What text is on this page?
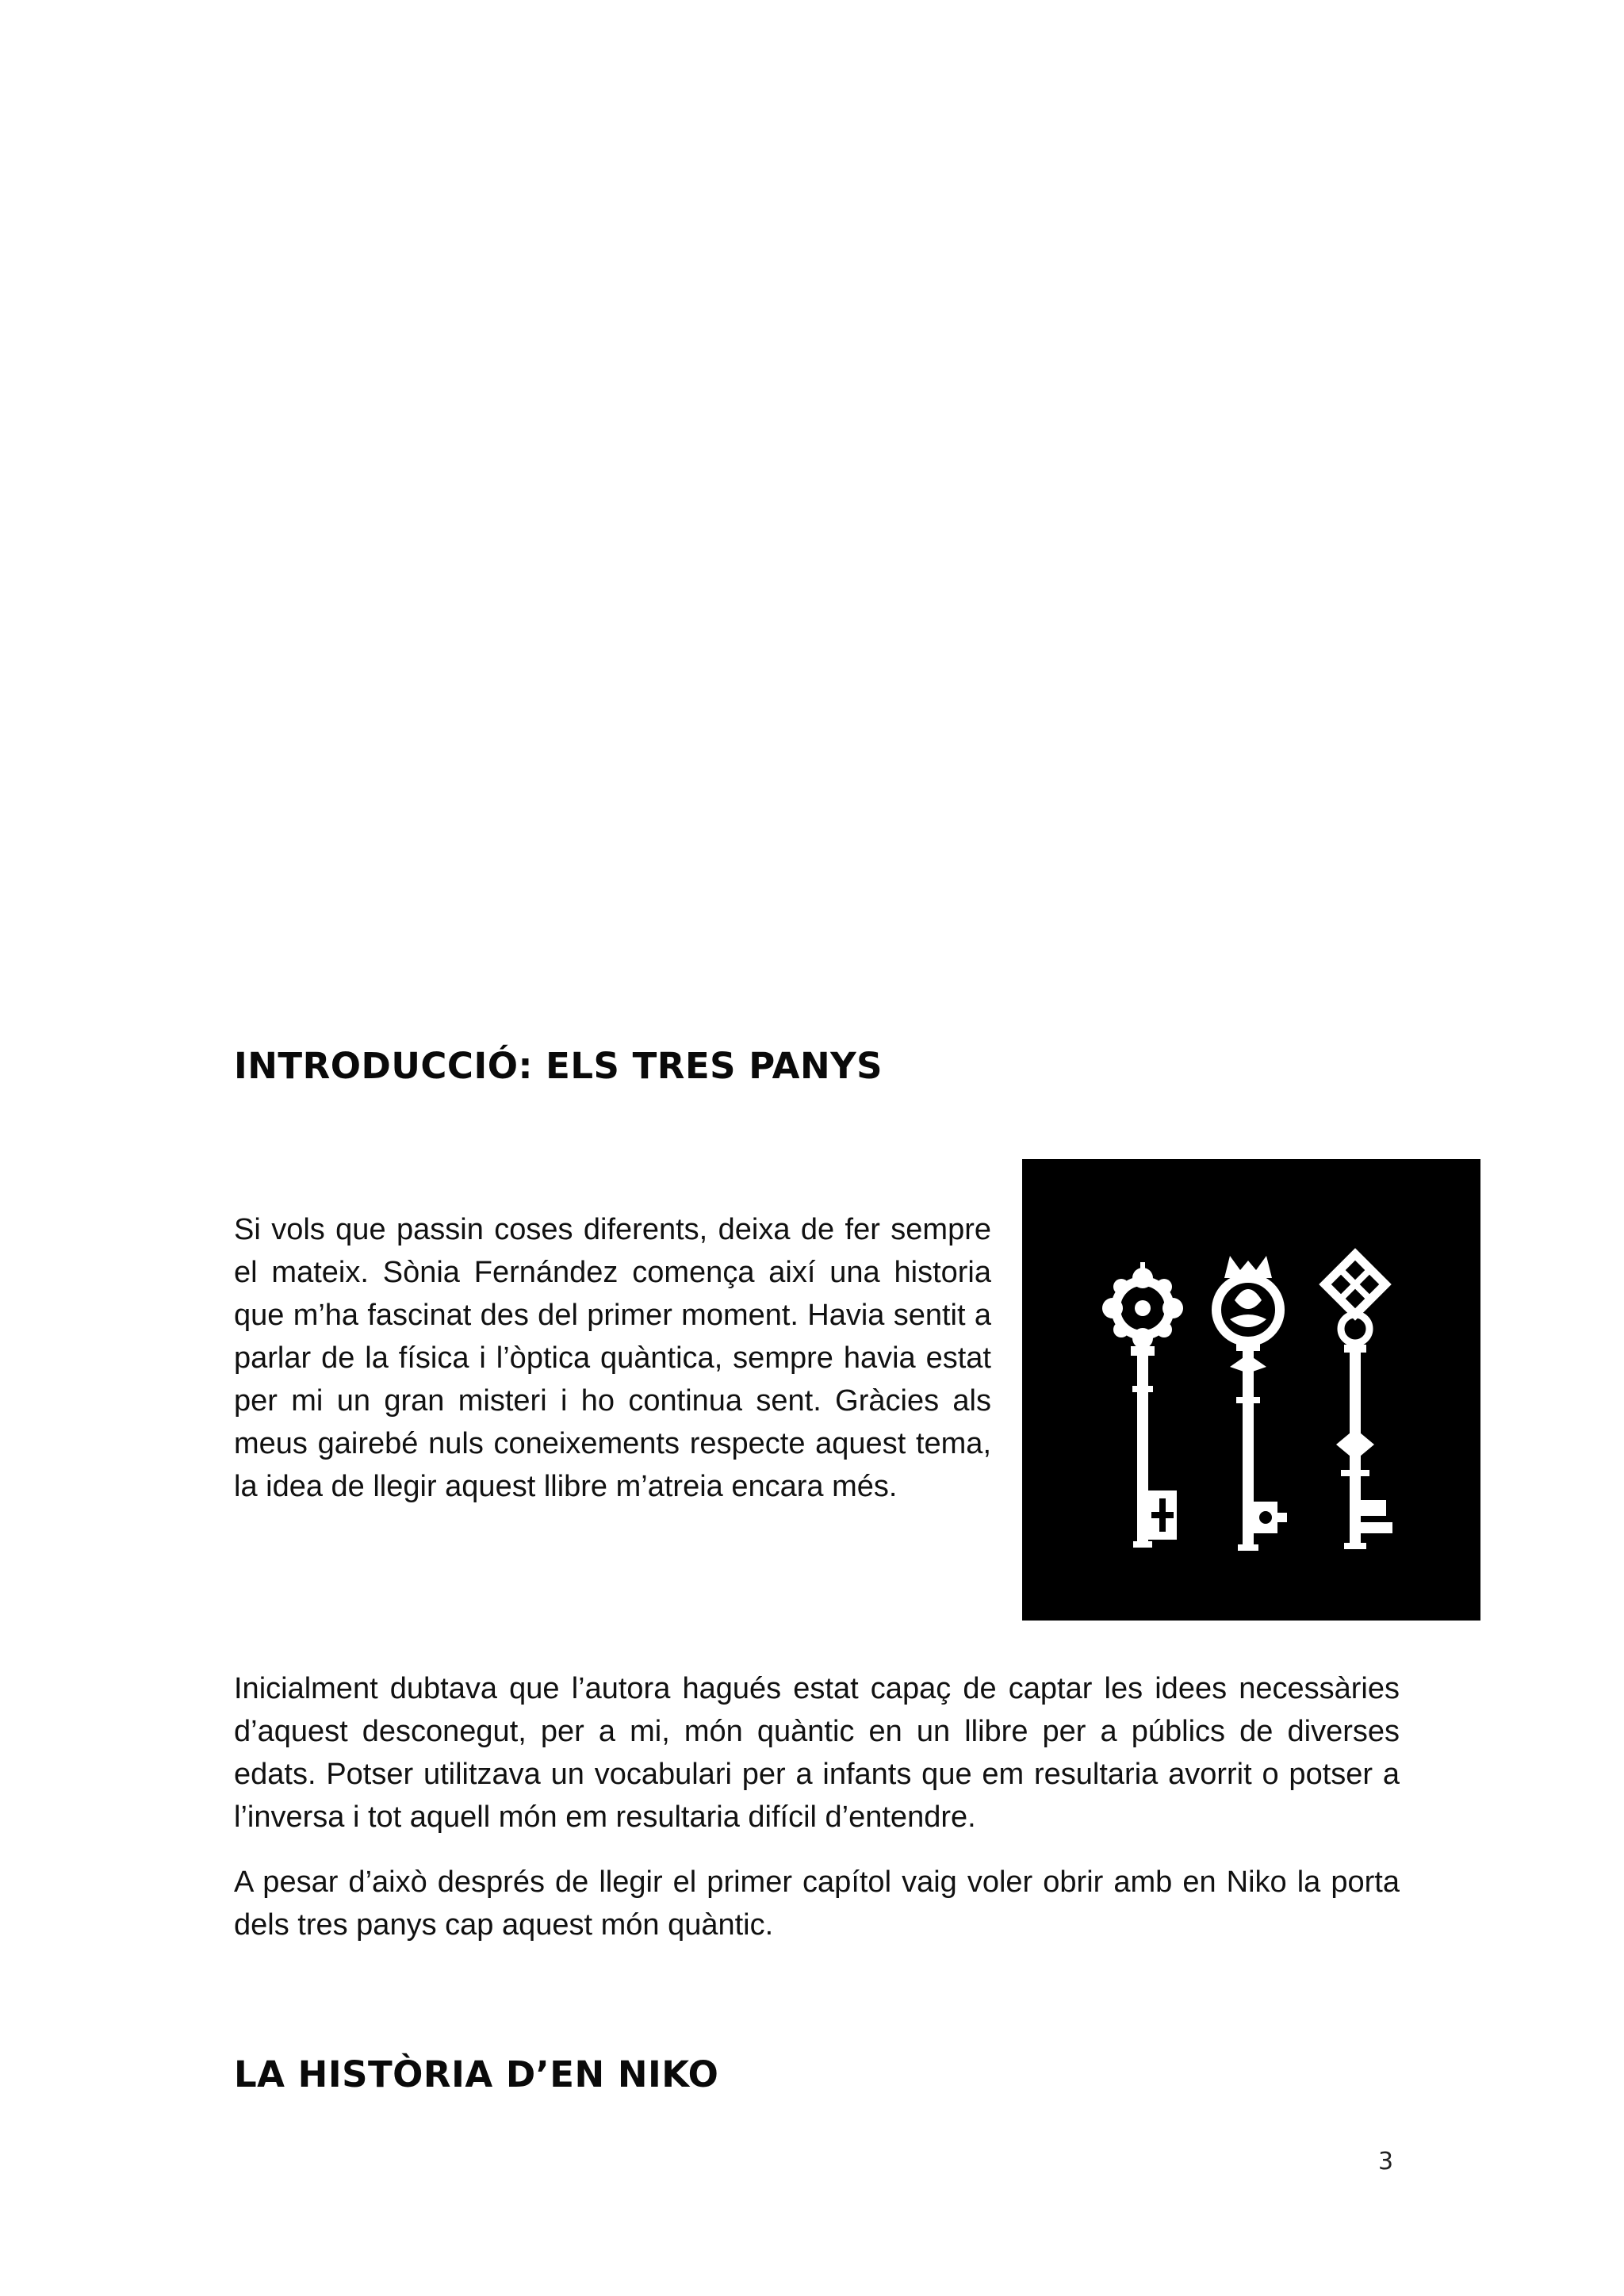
INTRODUCCIÓ: ELS TRES PANYS

Si vols que passin coses diferents, deixa de fer sempre el mateix. Sònia Fernández comença així una historia que m’ha fascinat des del primer moment. Havia sentit a parlar de la física i l’òptica quàntica, sempre havia estat per mi un gran misteri i ho continua sent. Gràcies als meus gairebé nuls coneixements respecte aquest tema, la idea de llegir aquest llibre m’atreia encara més.

Inicialment dubtava que l’autora hagués estat capaç de captar les idees necessàries d’aquest desconegut, per a mi, món quàntic en un llibre per a públics de diverses edats. Potser utilitzava un vocabulari per a infants que em resultaria avorrit o potser a l’inversa i tot aquell món em resultaria difícil d’entendre.

A pesar d’això després de llegir el primer capítol vaig voler obrir amb en Niko la porta dels tres panys cap aquest món quàntic.

LA HISTÒRIA D’EN NIKO
3
